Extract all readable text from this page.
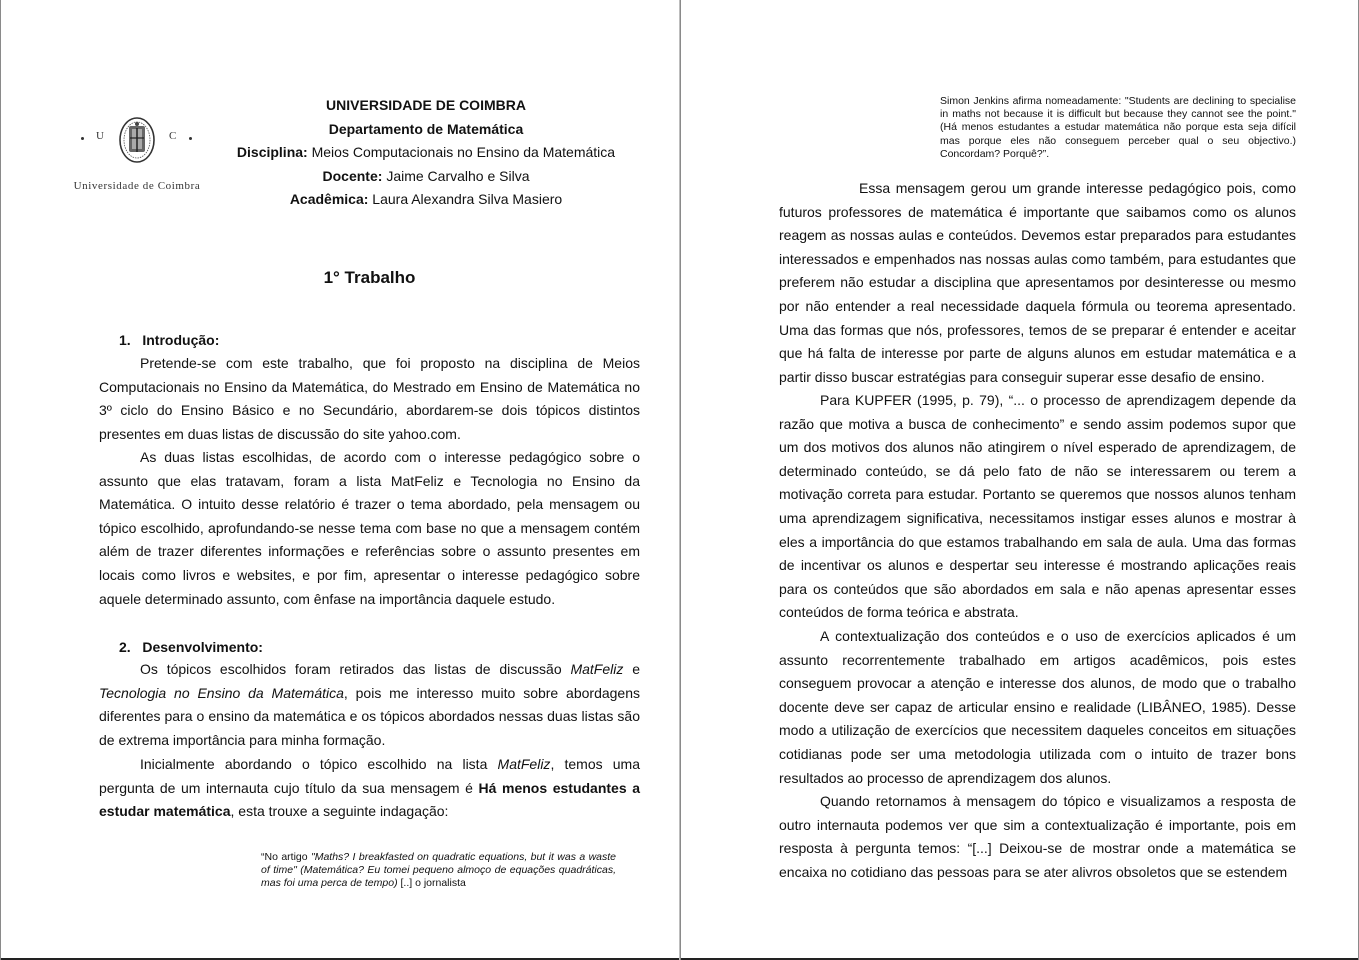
U	C
Universidade de Coimbra
UNIVERSIDADE DE COIMBRA
Departamento de Matemática
Disciplina: Meios Computacionais no Ensino da Matemática
Docente: Jaime Carvalho e Silva
Acadêmica: Laura Alexandra Silva Masiero
1° Trabalho
1. Introdução:

Pretende-se com este trabalho, que foi proposto na disciplina de Meios Computacionais no Ensino da Matemática, do Mestrado em Ensino de Matemática no 3º ciclo do Ensino Básico e no Secundário, abordarem-se dois tópicos distintos presentes em duas listas de discussão do site yahoo.com.

As duas listas escolhidas, de acordo com o interesse pedagógico sobre o assunto que elas tratavam, foram a lista MatFeliz e Tecnologia no Ensino da Matemática. O intuito desse relatório é trazer o tema abordado, pela mensagem ou tópico escolhido, aprofundando-se nesse tema com base no que a mensagem contém além de trazer diferentes informações e referências sobre o assunto presentes em locais como livros e websites, e por fim, apresentar o interesse pedagógico sobre aquele determinado assunto, com ênfase na importância daquele estudo.

2. Desenvolvimento:

Os tópicos escolhidos foram retirados das listas de discussão MatFeliz e Tecnologia no Ensino da Matemática, pois me interesso muito sobre abordagens diferentes para o ensino da matemática e os tópicos abordados nessas duas listas são de extrema importância para minha formação.

Inicialmente abordando o tópico escolhido na lista MatFeliz, temos uma pergunta de um internauta cujo título da sua mensagem é Há menos estudantes a estudar matemática, esta trouxe a seguinte indagação:

“No artigo "Maths? I breakfasted on quadratic equations, but it was a waste of time" (Matemática? Eu tomei pequeno almoço de equações quadráticas, mas foi uma perca de tempo) [..] o jornalista

Simon Jenkins afirma nomeadamente: "Students are declining to specialise in maths not because it is difficult but because they cannot see the point." (Há menos estudantes a estudar matemática não porque esta seja difícil mas porque eles não conseguem perceber qual o seu objectivo.) Concordam? Porquê?”.

Essa mensagem gerou um grande interesse pedagógico pois, como futuros professores de matemática é importante que saibamos como os alunos reagem as nossas aulas e conteúdos. Devemos estar preparados para estudantes interessados e empenhados nas nossas aulas como também, para estudantes que preferem não estudar a disciplina que apresentamos por desinteresse ou mesmo por não entender a real necessidade daquela fórmula ou teorema apresentado. Uma das formas que nós, professores, temos de se preparar é entender e aceitar que há falta de interesse por parte de alguns alunos em estudar matemática e a partir disso buscar estratégias para conseguir superar esse desafio de ensino.

Para KUPFER (1995, p. 79), “... o processo de aprendizagem depende da razão que motiva a busca de conhecimento” e sendo assim podemos supor que um dos motivos dos alunos não atingirem o nível esperado de aprendizagem, de determinado conteúdo, se dá pelo fato de não se interessarem ou terem a motivação correta para estudar. Portanto se queremos que nossos alunos tenham uma aprendizagem significativa, necessitamos instigar esses alunos e mostrar à eles a importância do que estamos trabalhando em sala de aula. Uma das formas de incentivar os alunos e despertar seu interesse é mostrando aplicações reais para os conteúdos que são abordados em sala e não apenas apresentar esses conteúdos de forma teórica e abstrata.

A contextualização dos conteúdos e o uso de exercícios aplicados é um assunto recorrentemente trabalhado em artigos acadêmicos, pois estes conseguem provocar a atenção e interesse dos alunos, de modo que o trabalho docente deve ser capaz de articular ensino e realidade (LIBÂNEO, 1985). Desse modo a utilização de exercícios que necessitem daqueles conceitos em situações cotidianas pode ser uma metodologia utilizada com o intuito de trazer bons resultados ao processo de aprendizagem dos alunos.

Quando retornamos à mensagem do tópico e visualizamos a resposta de outro internauta podemos ver que sim a contextualização é importante, pois em resposta à pergunta temos: “[...] Deixou-se de mostrar onde a matemática se encaixa no cotidiano das pessoas para se ater alivros obsoletos que se estendem
